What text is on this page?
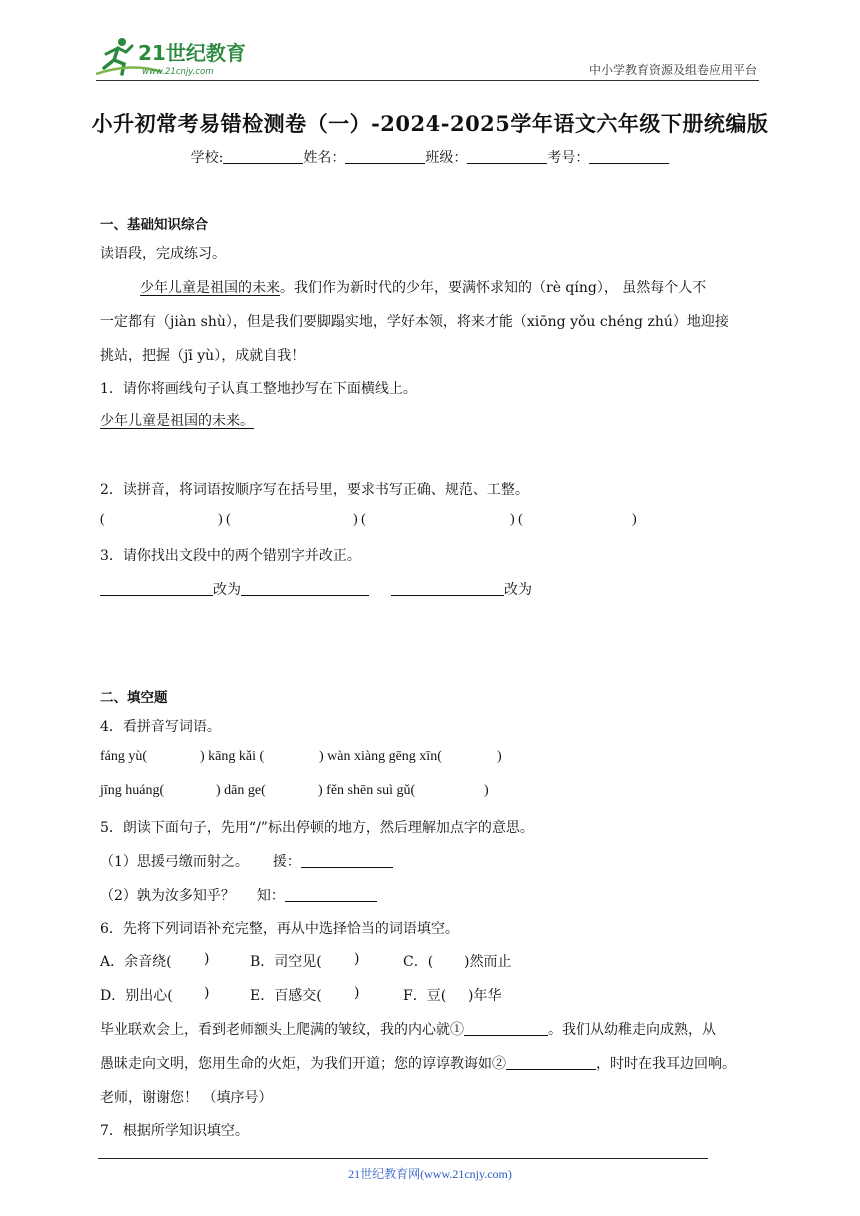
21世纪教育
www.21cnjy.com	中小学教育资源及组卷应用平台
小升初常考易错检测卷（一）-2024-2025学年语文六年级下册统编版
学校:	姓名：	班级：	考号：
一、基础知识综合
读语段，完成练习。
少年儿童是祖国的未来。我们作为新时代的少年，要满怀求知的（rè qíng）， 虽然每个人不
一定都有（jiàn shù），但是我们要脚蹋实地，学好本领，将来才能（xiōng yǒu chéng zhú）地迎接
挑站，把握（jī yù），成就自我！
1．请你将画线句子认真工整地抄写在下面横线上。
少年儿童是祖国的未来。
2．读拼音，将词语按顺序写在括号里，要求书写正确、规范、工整。
(	) (	) (	) (	)
3．请你找出文段中的两个错别字并改正。
改为	改为
二、填空题
4．看拼音写词语。
fáng yù(	) kāng kǎi (	) wàn xiàng gēng xīn(	)
jīng huáng(	) dān ge(	) fěn shēn suì gǔ(	)
5．朗读下面句子，先用“/”标出停顿的地方，然后理解加点字的意思。
（1）思援弓缴而射之。 援：
（2）孰为汝多知乎？ 知：
6．先将下列词语补充完整，再从中选择恰当的词语填空。
A．余音绕( )	B．司空见( )	C．( )然而止
D．别出心( )	E．百感交( )	F．豆( )年华
毕业联欢会上，看到老师额头上爬满的皱纹，我的内心就①	。我们从幼稚走向成熟，从
愚昧走向文明，您用生命的火炬，为我们开道；您的谆谆教诲如②	，时时在我耳边回响。
老师，谢谢您！ （填序号）
7．根据所学知识填空。
21世纪教育网(www.21cnjy.com)
